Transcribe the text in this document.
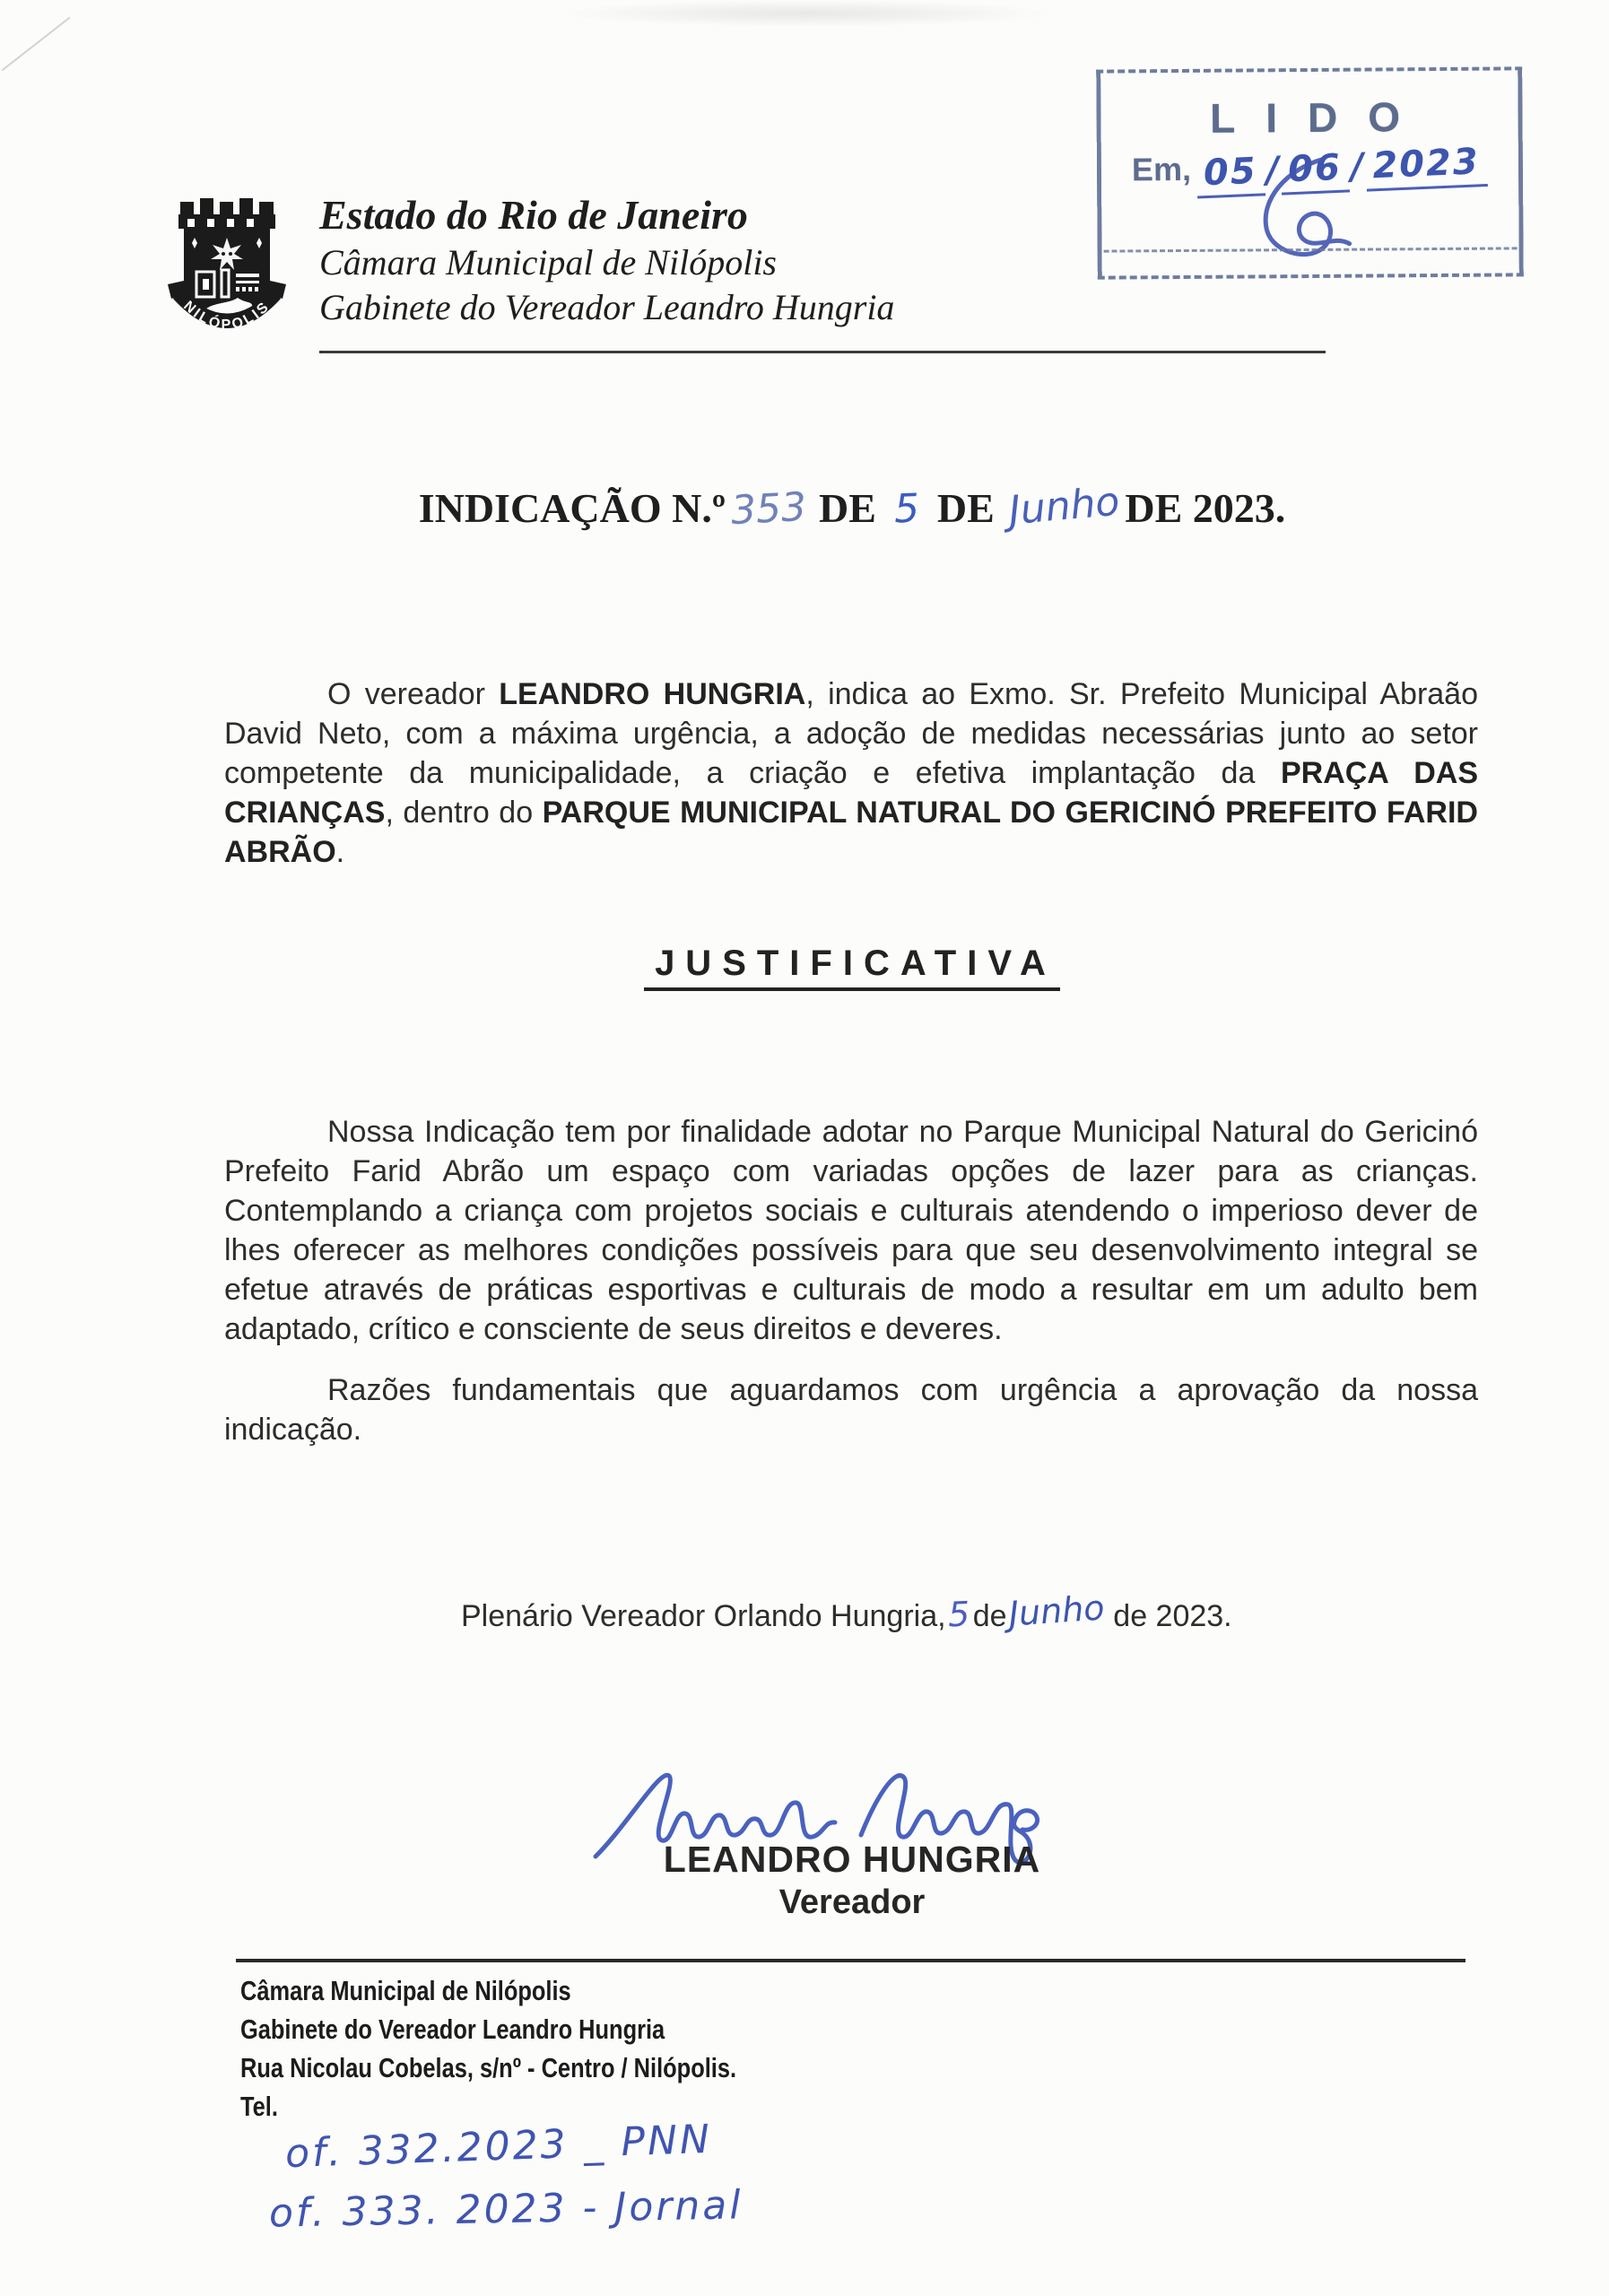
LIDO
Em, 05 / 06 / 2023
NILÓPOLIS
Estado do Rio de Janeiro
Câmara Municipal de Nilópolis
Gabinete do Vereador Leandro Hungria
INDICAÇÃO N.º 353 DE 5 DE JunhoDE 2023.

O vereador LEANDRO HUNGRIA, indica ao Exmo. Sr. Prefeito Municipal Abraão David Neto, com a máxima urgência, a adoção de medidas necessárias junto ao setor competente da municipalidade, a criação e efetiva implantação da PRAÇA DAS CRIANÇAS, dentro do PARQUE MUNICIPAL NATURAL DO GERICINÓ PREFEITO FARID ABRÃO.

JUSTIFICATIVA

Nossa Indicação tem por finalidade adotar no Parque Municipal Natural do Gericinó Prefeito Farid Abrão um espaço com variadas opções de lazer para as crianças. Contemplando a criança com projetos sociais e culturais atendendo o imperioso dever de lhes oferecer as melhores condições possíveis para que seu desenvolvimento integral se efetue através de práticas esportivas e culturais de modo a resultar em um adulto bem adaptado, crítico e consciente de seus direitos e deveres.

Razões fundamentais que aguardamos com urgência a aprovação da nossa indicação.

Plenário Vereador Orlando Hungria,5deJunho de 2023.
LEANDRO HUNGRIA
Vereador
Câmara Municipal de Nilópolis
Gabinete do Vereador Leandro Hungria
Rua Nicolau Cobelas, s/nº - Centro / Nilópolis.
Tel.
of. 332.2023 _ PNN
of. 333. 2023 - Jornal
